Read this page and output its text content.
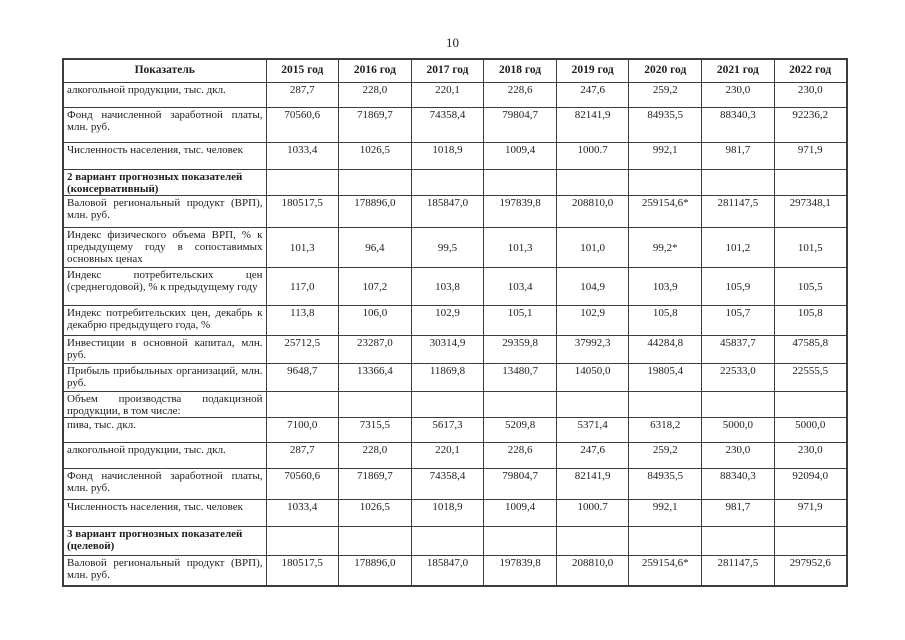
10
Показатель	2015 год	2016 год	2017 год	2018 год	2019 год	2020 год	2021 год	2022 год
алкогольной продукции, тыс. дкл.	287,7	228,0	220,1	228,6	247,6	259,2	230,0	230,0
Фонд начисленной заработной платы, млн. руб.	70560,6	71869,7	74358,4	79804,7	82141,9	84935,5	88340,3	92236,2
Численность населения, тыс. человек	1033,4	1026,5	1018,9	1009,4	1000.7	992,1	981,7	971,9
2 вариант прогнозных показателей (консервативный)								
Валовой региональный продукт (ВРП), млн. руб.	180517,5	178896,0	185847,0	197839,8	208810,0	259154,6*	281147,5	297348,1
Индекс физического объема ВРП, % к предыдущему году в сопоставимых основных ценах	101,3	96,4	99,5	101,3	101,0	99,2*	101,2	101,5
Индекс потребительских цен (среднегодовой), % к предыдущему году	117,0	107,2	103,8	103,4	104,9	103,9	105,9	105,5
Индекс потребительских цен, декабрь к декабрю предыдущего года, %	113,8	106,0	102,9	105,1	102,9	105,8	105,7	105,8
Инвестиции в основной капитал, млн. руб.	25712,5	23287,0	30314,9	29359,8	37992,3	44284,8	45837,7	47585,8
Прибыль прибыльных организаций, млн. руб.	9648,7	13366,4	11869,8	13480,7	14050,0	19805,4	22533,0	22555,5
Объем производства подакцизной продукции, в том числе:								
пива, тыс. дкл.	7100,0	7315,5	5617,3	5209,8	5371,4	6318,2	5000,0	5000,0
алкогольной продукции, тыс. дкл.	287,7	228,0	220,1	228,6	247,6	259,2	230,0	230,0
Фонд начисленной заработной платы, млн. руб.	70560,6	71869,7	74358,4	79804,7	82141,9	84935,5	88340,3	92094,0
Численность населения, тыс. человек	1033,4	1026,5	1018,9	1009,4	1000.7	992,1	981,7	971,9
3 вариант прогнозных показателей (целевой)								
Валовой региональный продукт (ВРП), млн. руб.	180517,5	178896,0	185847,0	197839,8	208810,0	259154,6*	281147,5	297952,6
